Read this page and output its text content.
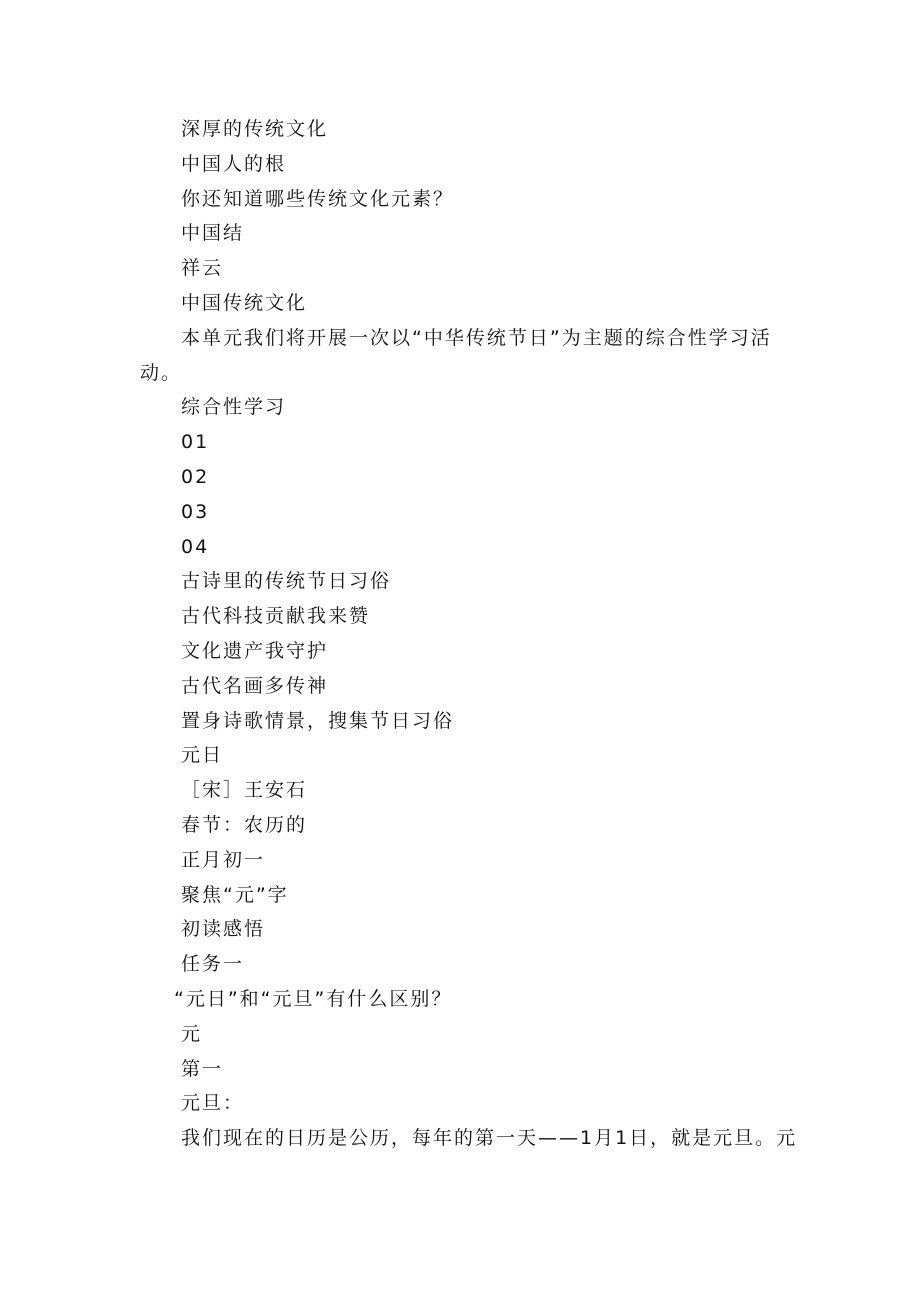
深厚的传统文化

中国人的根

你还知道哪些传统文化元素？

中国结

祥云

中国传统文化

本单元我们将开展一次以“中华传统节日”为主题的综合性学习活动。

综合性学习

01

02

03

04

古诗里的传统节日习俗

古代科技贡献我来赞

文化遗产我守护

古代名画多传神

置身诗歌情景，搜集节日习俗

元日

［宋］王安石

春节：农历的

正月初一

聚焦“元”字

初读感悟

任务一

“元日”和“元旦”有什么区别？

元

第一

元旦：

我们现在的日历是公历，每年的第一天——1月1日，就是元旦。元
